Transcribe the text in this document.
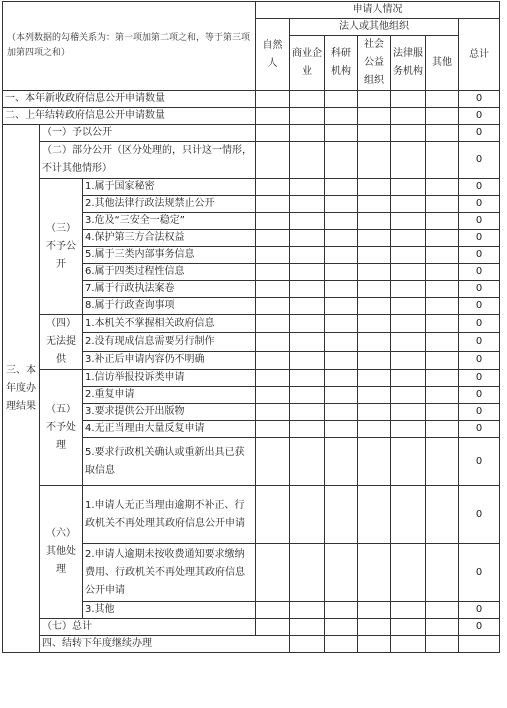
（本列数据的勾稽关系为：第一项加第二项之和，等于第三项加第四项之和）			申请人情况							
			自然人	法人或其他组织					总计	
				商业企业	科研机构	社会公益组织	法律服务机构	其他		

一、本年新收政府信息公开申请数量									0	
二、上年结转政府信息公开申请数量									0	
三、本年度办理结果	（一）予以公开								0	
	（二）部分公开（区分处理的，只计这一情形，不计其他情形）								0	
	（三）不予公开	1.属于国家秘密							0	
		2.其他法律行政法规禁止公开							0	
		3.危及“三安全一稳定”							0	
		4.保护第三方合法权益							0	
		5.属于三类内部事务信息							0	
		6.属于四类过程性信息							0	
		7.属于行政执法案卷							0	
		8.属于行政查询事项							0	
	（四）无法提供	1.本机关不掌握相关政府信息							0	
		2.没有现成信息需要另行制作							0	
		3.补正后申请内容仍不明确							0	
	（五）不予处理	1.信访举报投诉类申请							0	
		2.重复申请							0	
		3.要求提供公开出版物							0	
		4.无正当理由大量反复申请							0	
		5.要求行政机关确认或重新出具已获取信息							0	
	（六）其他处理	1.申请人无正当理由逾期不补正、行政机关不再处理其政府信息公开申请							0	
		2.申请人逾期未按收费通知要求缴纳费用、行政机关不再处理其政府信息公开申请							0	
		3.其他							0	
	（七）总计								0	
	四、结转下年度继续办理							
